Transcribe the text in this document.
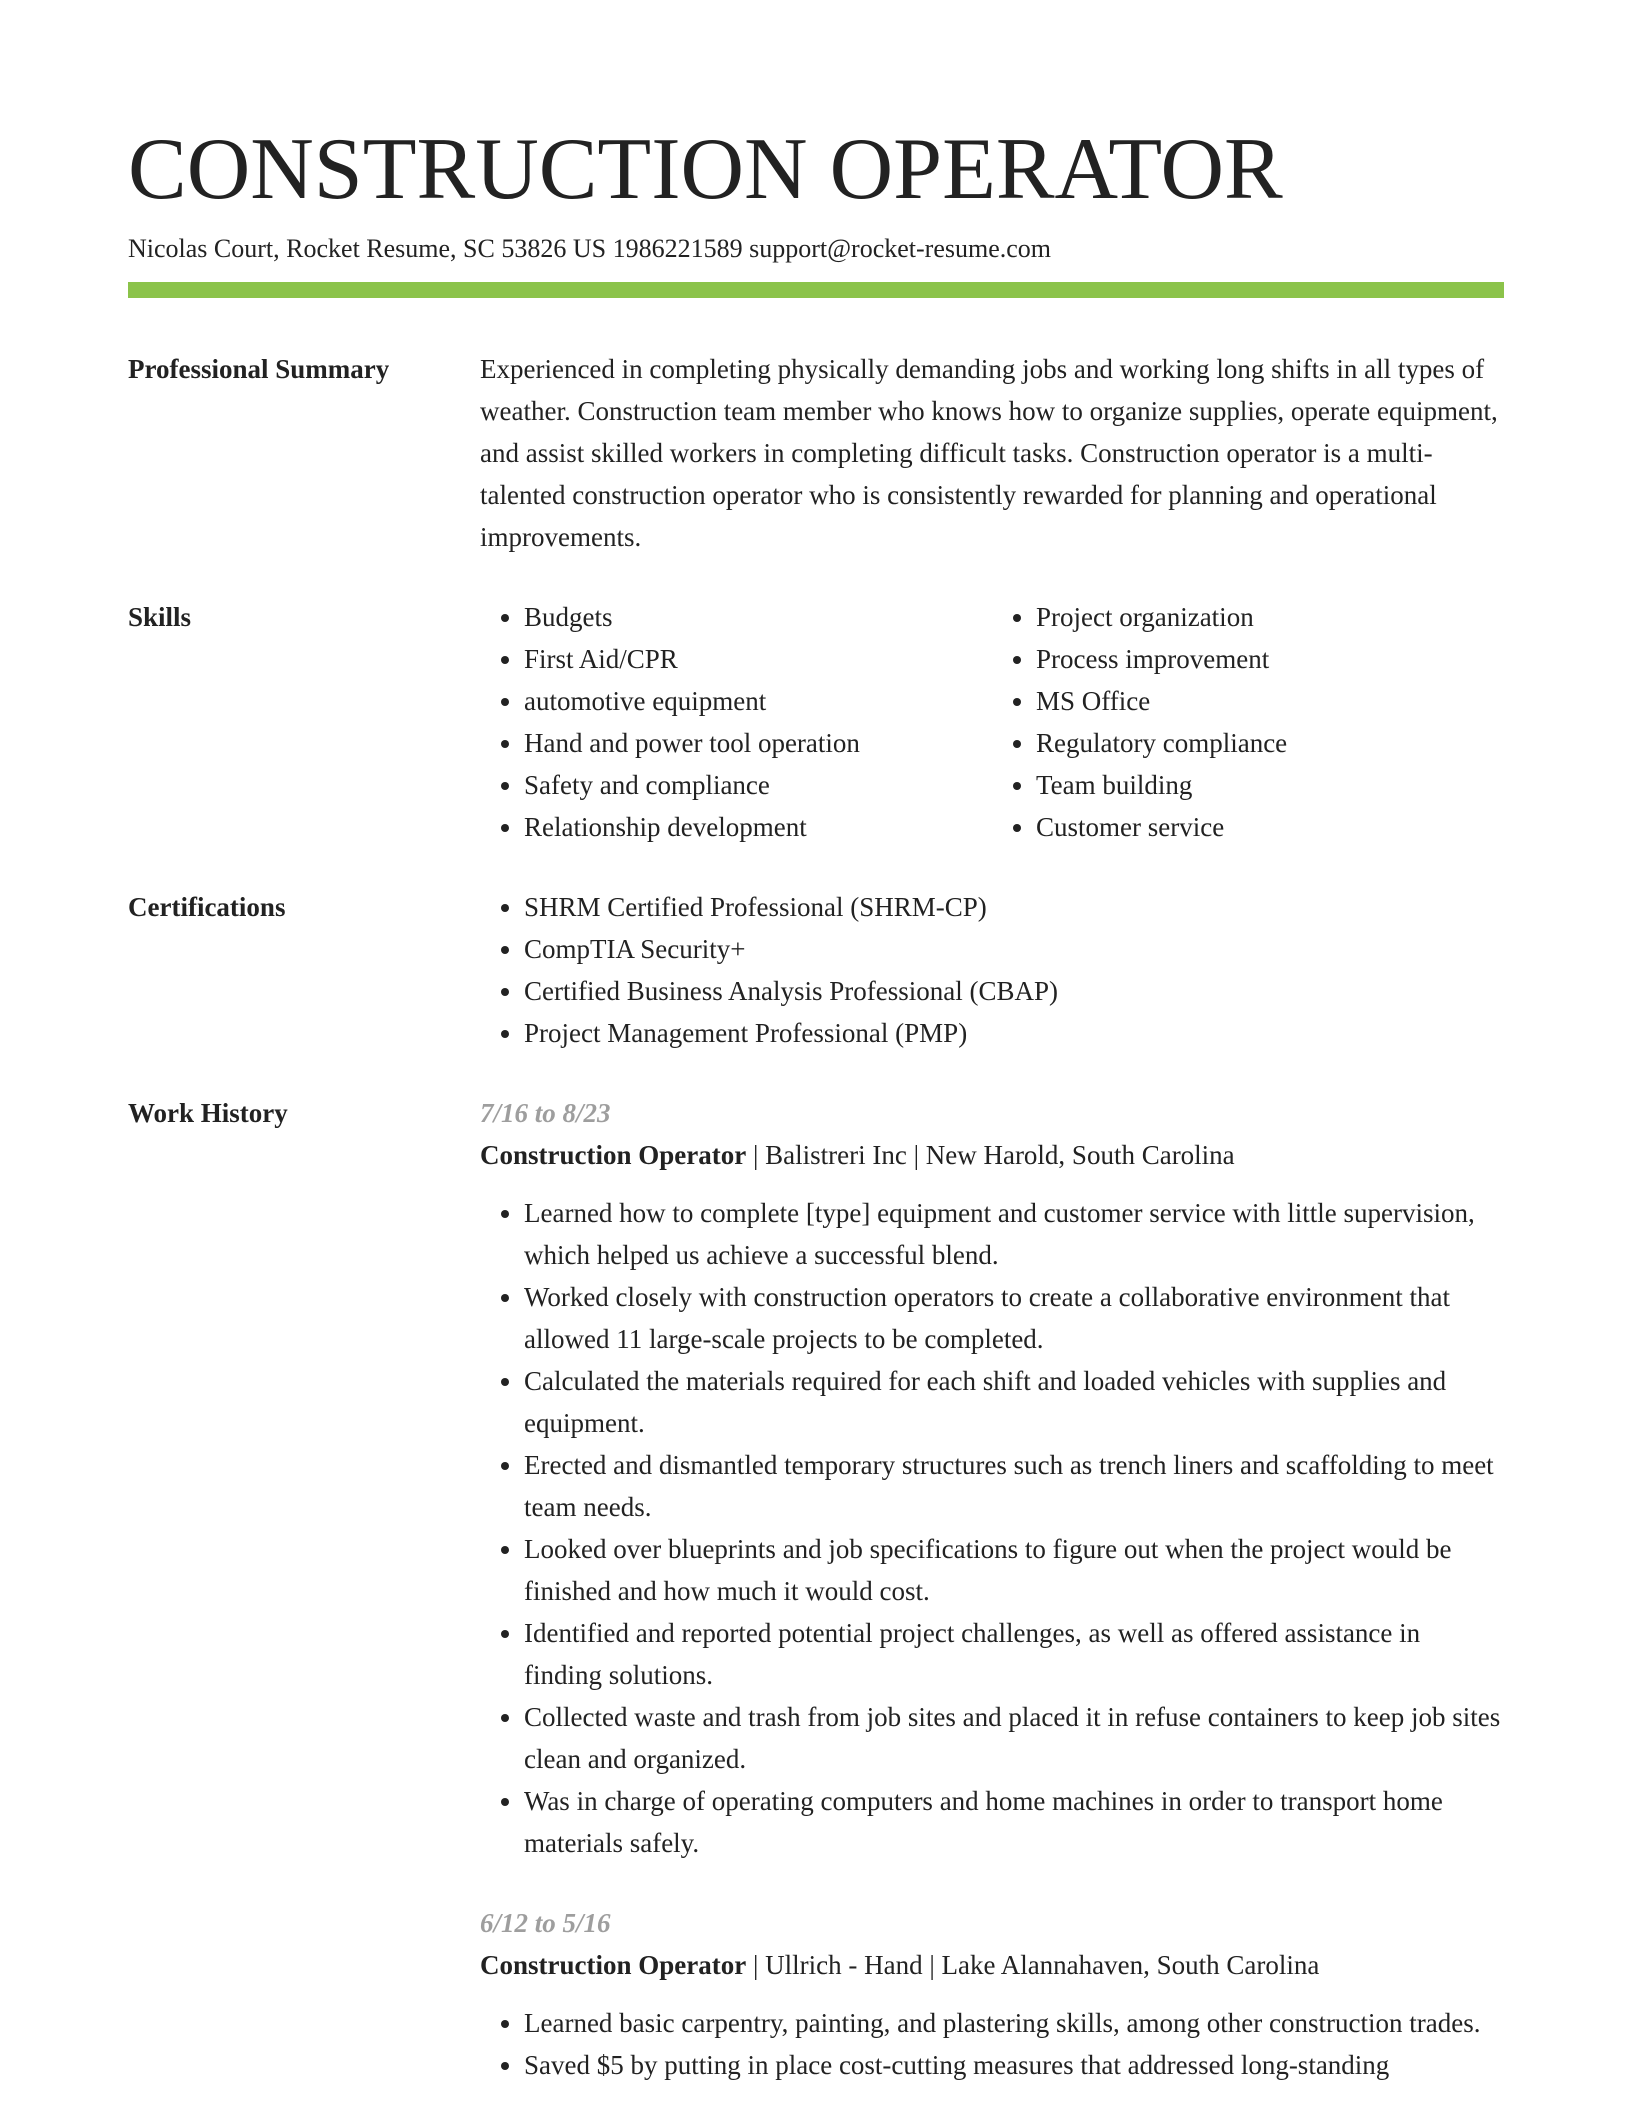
CONSTRUCTION OPERATOR
Nicolas Court, Rocket Resume, SC 53826 US 1986221589 support@rocket-resume.com
Professional Summary	Experienced in completing physically demanding jobs and working long shifts in all types of weather. Construction team member who knows how to organize supplies, operate equipment, and assist skilled workers in completing difficult tasks. Construction operator is a multi-talented construction operator who is consistently rewarded for planning and operational improvements.

Skills	• Budgets
• First Aid/CPR
• automotive equipment
• Hand and power tool operation
• Safety and compliance
• Relationship development
• Project organization
• Process improvement
• MS Office
• Regulatory compliance
• Team building
• Customer service
Certifications	• SHRM Certified Professional (SHRM-CP)
• CompTIA Security+
• Certified Business Analysis Professional (CBAP)
• Project Management Professional (PMP)
Work History	7/16 to 8/23
Construction Operator | Balistreri Inc | New Harold, South Carolina
• Learned how to complete [type] equipment and customer service with little supervision, which helped us achieve a successful blend.
• Worked closely with construction operators to create a collaborative environment that allowed 11 large-scale projects to be completed.
• Calculated the materials required for each shift and loaded vehicles with supplies and equipment.
• Erected and dismantled temporary structures such as trench liners and scaffolding to meet team needs.
• Looked over blueprints and job specifications to figure out when the project would be finished and how much it would cost.
• Identified and reported potential project challenges, as well as offered assistance in finding solutions.
• Collected waste and trash from job sites and placed it in refuse containers to keep job sites clean and organized.
• Was in charge of operating computers and home machines in order to transport home materials safely.
6/12 to 5/16
Construction Operator | Ullrich - Hand | Lake Alannahaven, South Carolina
• Learned basic carpentry, painting, and plastering skills, among other construction trades.
• Saved $5 by putting in place cost-cutting measures that addressed long-standing
